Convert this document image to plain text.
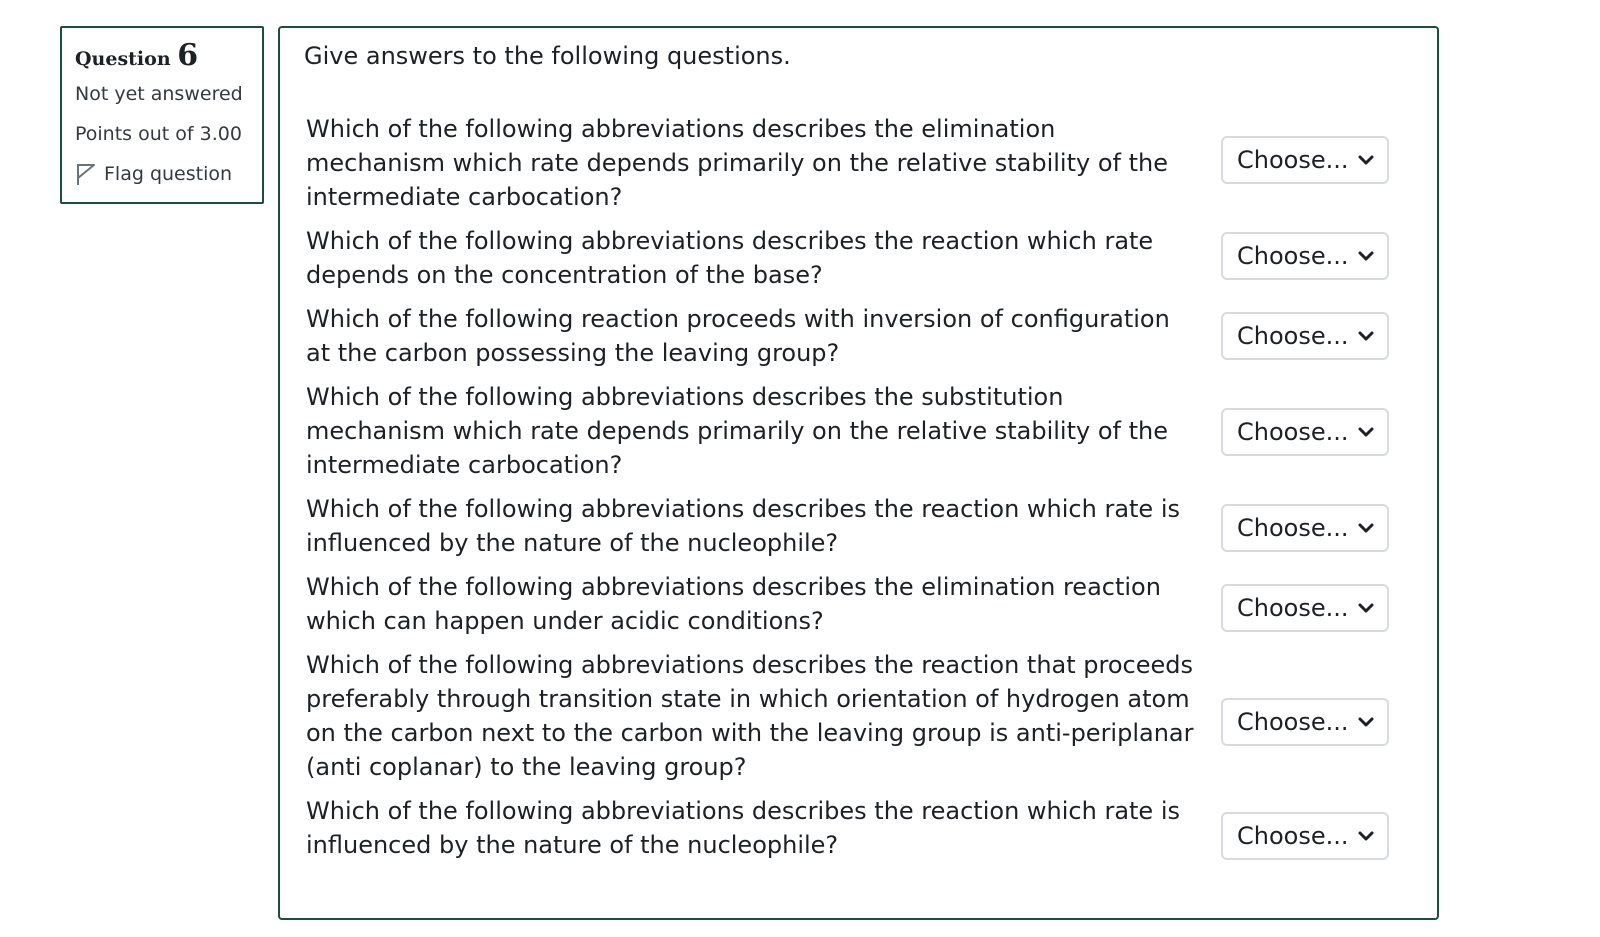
Question 6
Not yet answered
Points out of 3.00
Flag question

Give answers to the following questions.

Which of the following abbreviations describes the elimination mechanism which rate depends primarily on the relative stability of the intermediate carbocation?
Choose...
Which of the following abbreviations describes the reaction which rate depends on the concentration of the base?
Choose...
Which of the following reaction proceeds with inversion of configuration at the carbon possessing the leaving group?
Choose...
Which of the following abbreviations describes the substitution mechanism which rate depends primarily on the relative stability of the intermediate carbocation?
Choose...
Which of the following abbreviations describes the reaction which rate is influenced by the nature of the nucleophile?
Choose...
Which of the following abbreviations describes the elimination reaction which can happen under acidic conditions?	Choose...
Which of the following abbreviations describes the reaction that proceeds preferably through transition state in which orientation of hydrogen atom on the carbon next to the carbon with the leaving group is anti-periplanar (anti coplanar) to the leaving group?
Choose...
Which of the following abbreviations describes the reaction which rate is influenced by the nature of the nucleophile?	Choose...
